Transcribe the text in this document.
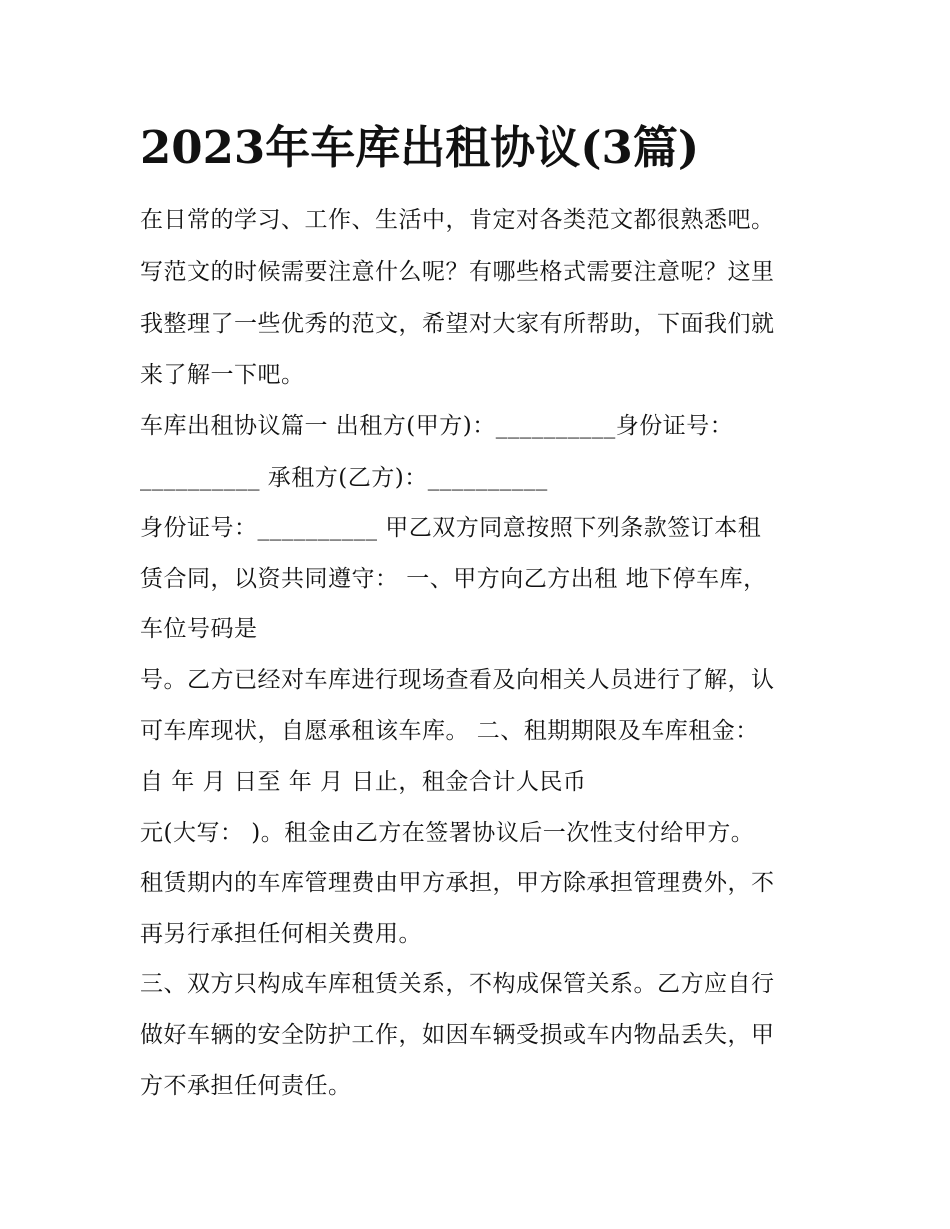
2023年车库出租协议(3篇)

在日常的学习、工作、生活中，肯定对各类范文都很熟悉吧。

写范文的时候需要注意什么呢？有哪些格式需要注意呢？这里

我整理了一些优秀的范文，希望对大家有所帮助，下面我们就

来了解一下吧。

车库出租协议篇一 出租方(甲方)：__________身份证号：

__________ 承租方(乙方)：__________

身份证号：__________ 甲乙双方同意按照下列条款签订本租

赁合同，以资共同遵守： 一、甲方向乙方出租 地下停车库，

车位号码是

号。乙方已经对车库进行现场查看及向相关人员进行了解，认

可车库现状，自愿承租该车库。 二、租期期限及车库租金：

自 年 月 日至 年 月 日止，租金合计人民币

元(大写： )。租金由乙方在签署协议后一次性支付给甲方。

租赁期内的车库管理费由甲方承担，甲方除承担管理费外，不

再另行承担任何相关费用。

三、双方只构成车库租赁关系，不构成保管关系。乙方应自行

做好车辆的安全防护工作，如因车辆受损或车内物品丢失，甲

方不承担任何责任。
